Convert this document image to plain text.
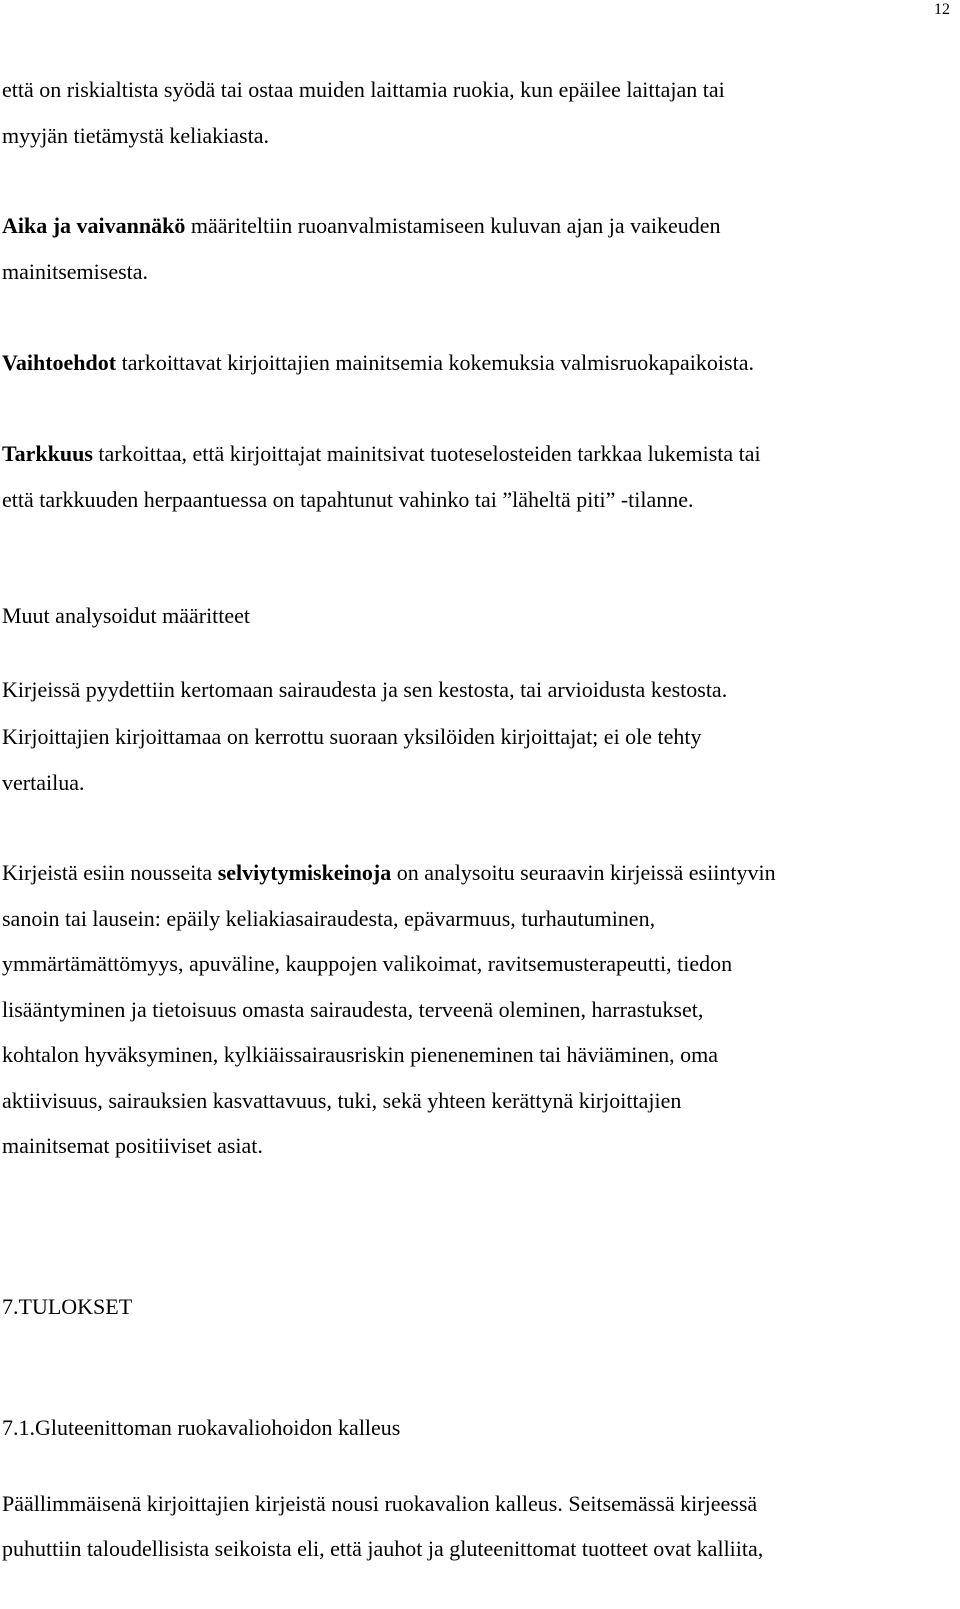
12
että on riskialtista syödä tai ostaa muiden laittamia ruokia, kun epäilee laittajan tai
myyjän tietämystä keliakiasta.
Aika ja vaivannäkö määriteltiin ruoanvalmistamiseen kuluvan ajan ja vaikeuden
mainitsemisesta.
Vaihtoehdot tarkoittavat kirjoittajien mainitsemia kokemuksia valmisruokapaikoista.
Tarkkuus tarkoittaa, että kirjoittajat mainitsivat tuoteselosteiden tarkkaa lukemista tai
että tarkkuuden herpaantuessa on tapahtunut vahinko tai ”läheltä piti” -tilanne.
Muut analysoidut määritteet
Kirjeissä pyydettiin kertomaan sairaudesta ja sen kestosta, tai arvioidusta kestosta.
Kirjoittajien kirjoittamaa on kerrottu suoraan yksilöiden kirjoittajat; ei ole tehty
vertailua.
Kirjeistä esiin nousseita selviytymiskeinoja on analysoitu seuraavin kirjeissä esiintyvin
sanoin tai lausein: epäily keliakiasairaudesta, epävarmuus, turhautuminen,
ymmärtämättömyys, apuväline, kauppojen valikoimat, ravitsemusterapeutti, tiedon
lisääntyminen ja tietoisuus omasta sairaudesta, terveenä oleminen, harrastukset,
kohtalon hyväksyminen, kylkiäissairausriskin pieneneminen tai häviäminen, oma
aktiivisuus, sairauksien kasvattavuus, tuki, sekä yhteen kerättynä kirjoittajien
mainitsemat positiiviset asiat.
7.TULOKSET
7.1.Gluteenittoman ruokavaliohoidon kalleus
Päällimmäisenä kirjoittajien kirjeistä nousi ruokavalion kalleus. Seitsemässä kirjeessä
puhuttiin taloudellisista seikoista eli, että jauhot ja gluteenittomat tuotteet ovat kalliita,
